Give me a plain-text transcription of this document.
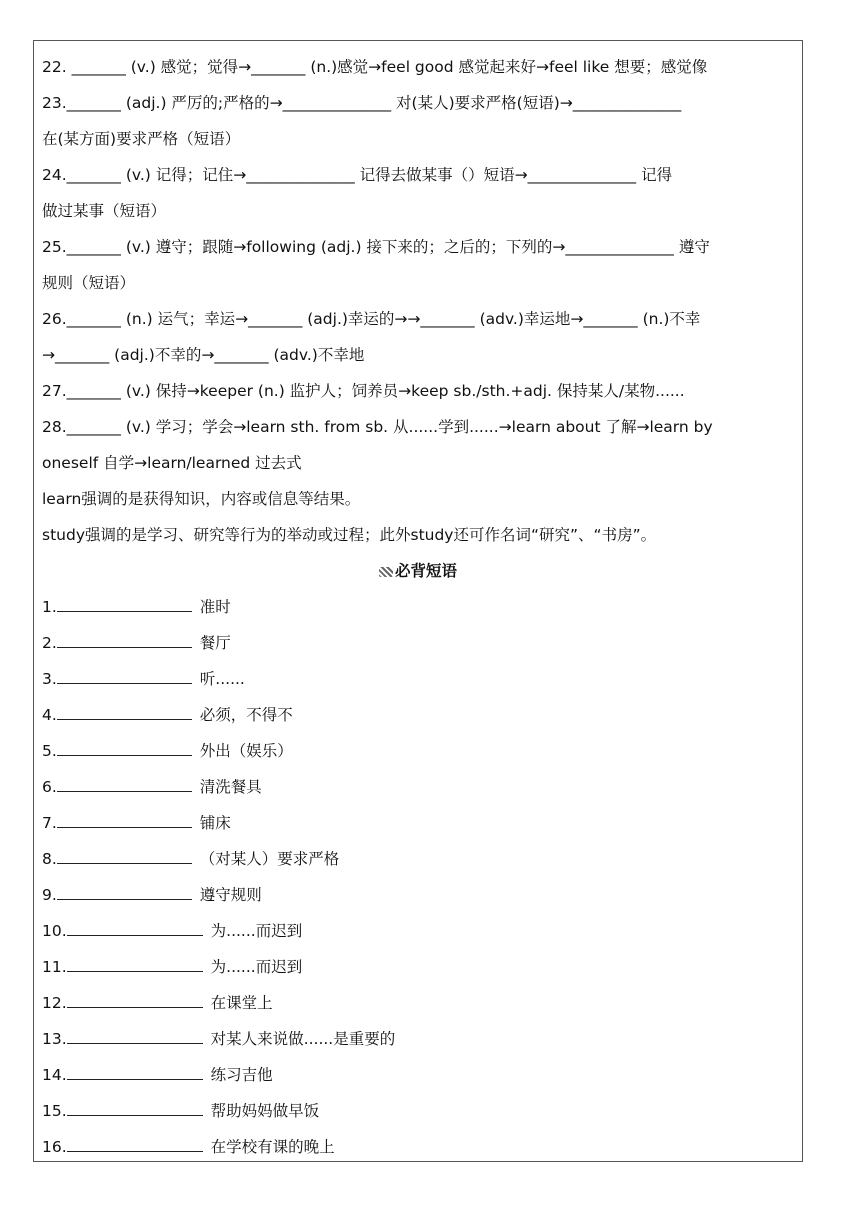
22. _______ (v.) 感觉；觉得→_______ (n.)感觉→feel good 感觉起来好→feel like 想要；感觉像
23._______ (adj.) 严厉的;严格的→______________ 对(某人)要求严格(短语)→______________
在(某方面)要求严格（短语）
24._______ (v.) 记得；记住→______________ 记得去做某事（）短语→______________ 记得
做过某事（短语）
25._______ (v.) 遵守；跟随→following (adj.) 接下来的；之后的；下列的→______________ 遵守
规则（短语）
26._______ (n.) 运气；幸运→_______ (adj.)幸运的→→_______ (adv.)幸运地→_______ (n.)不幸
→_______ (adj.)不幸的→_______ (adv.)不幸地
27._______ (v.) 保持→keeper (n.) 监护人；饲养员→keep sb./sth.+adj. 保持某人/某物......
28._______ (v.) 学习；学会→learn sth. from sb. 从......学到......→learn about 了解→learn by
oneself 自学→learn/learned 过去式
learn强调的是获得知识，内容或信息等结果。
study强调的是学习、研究等行为的举动或过程；此外study还可作名词“研究”、“书房”。
必背短语
1.	准时
2.	餐厅
3.	听......
4.	必须，不得不
5.	外出（娱乐）
6.	清洗餐具
7.	铺床
8.	（对某人）要求严格
9.	遵守规则
10.	为......而迟到
11.	为......而迟到
12.	在课堂上
13.	对某人来说做......是重要的
14.	练习吉他
15.	帮助妈妈做早饭
16.	在学校有课的晚上
